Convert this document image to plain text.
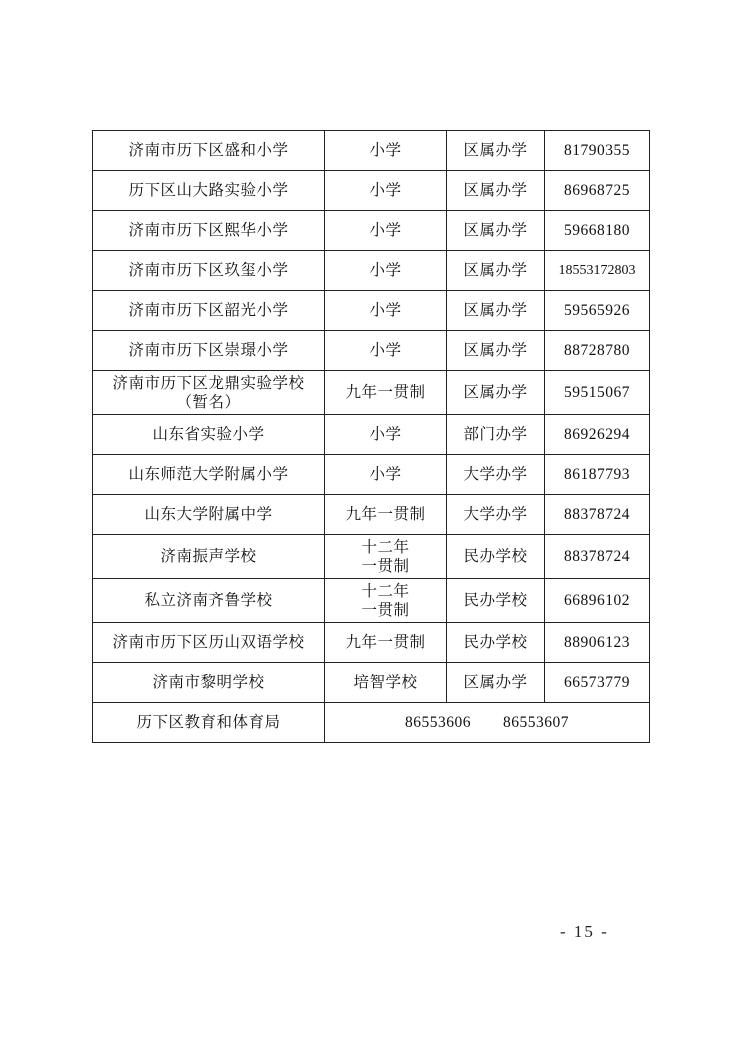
济南市历下区盛和小学	小学	区属办学	81790355

历下区山大路实验小学	小学	区属办学	86968725

济南市历下区熙华小学	小学	区属办学	59668180

济南市历下区玖玺小学	小学	区属办学	18553172803

济南市历下区韶光小学	小学	区属办学	59565926

济南市历下区崇璟小学	小学	区属办学	88728780

济南市历下区龙鼎实验学校
（暂名）	九年一贯制	区属办学	59515067

山东省实验小学	小学	部门办学	86926294

山东师范大学附属小学	小学	大学办学	86187793

山东大学附属中学	九年一贯制	大学办学	88378724

济南振声学校	十二年
一贯制	民办学校	88378724

私立济南齐鲁学校	十二年
一贯制	民办学校	66896102

济南市历下区历山双语学校	九年一贯制	民办学校	88906123

济南市黎明学校	培智学校	区属办学	66573779
历下区教育和体育局	86553606 86553607		
- 15 -
